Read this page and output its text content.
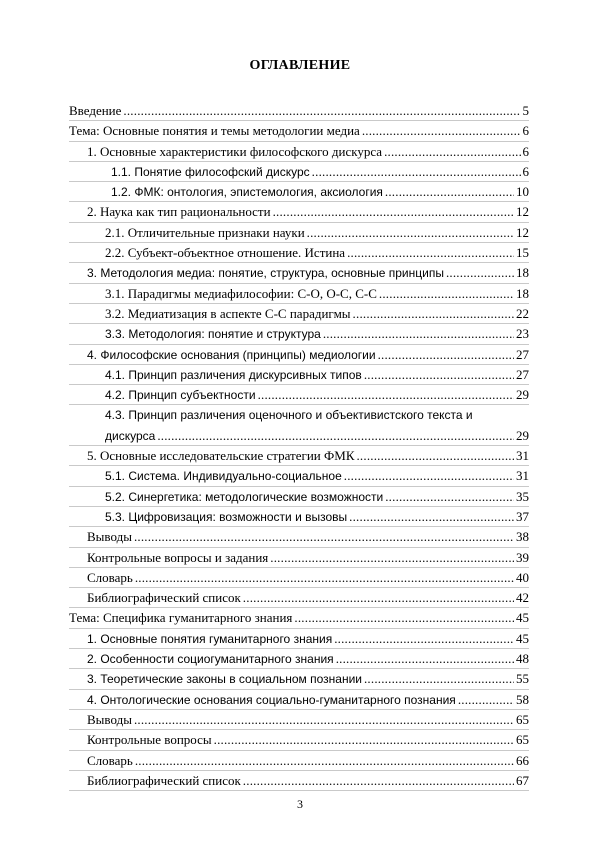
ОГЛАВЛЕНИЕ
Введение .....	5
Тема: Основные понятия и темы методологии медиа .....	6
1. Основные характеристики философского дискурса .....	6
1.1. Понятие философский дискурс .....	6
1.2. ФМК: онтология, эпистемология, аксиология .....	10
2. Наука как тип рациональности .....	12
2.1. Отличительные признаки науки .....	12
2.2. Субъект-объектное отношение. Истина .....	15
3. Методология медиа: понятие, структура, основные принципы .....	18
3.1. Парадигмы медиафилософии: С-О, О-С, С-С .....	18
3.2. Медиатизация в аспекте С-С парадигмы .....	22
3.3. Методология: понятие и структура .....	23
4. Философские основания (принципы) медиологии .....	27
4.1. Принцип различения дискурсивных типов .....	27
4.2. Принцип субъектности .....	29
4.3. Принцип различения оценочного и объективистского текста и
дискурса .....	29
5. Основные исследовательские стратегии ФМК .....	31
5.1. Система. Индивидуально-социальное .....	31
5.2. Синергетика: методологические возможности .....	35
5.3. Цифровизация: возможности и вызовы .....	37
Выводы .....	38
Контрольные вопросы и задания .....	39
Словарь .....	40
Библиографический список .....	42
Тема: Специфика гуманитарного знания .....	45
1. Основные понятия гуманитарного знания .....	45
2. Особенности социогуманитарного знания .....	48
3. Теоретические законы в социальном познании .....	55
4. Онтологические основания социально-гуманитарного познания .....	58
Выводы .....	65
Контрольные вопросы .....	65
Словарь .....	66
Библиографический список .....	67
3
